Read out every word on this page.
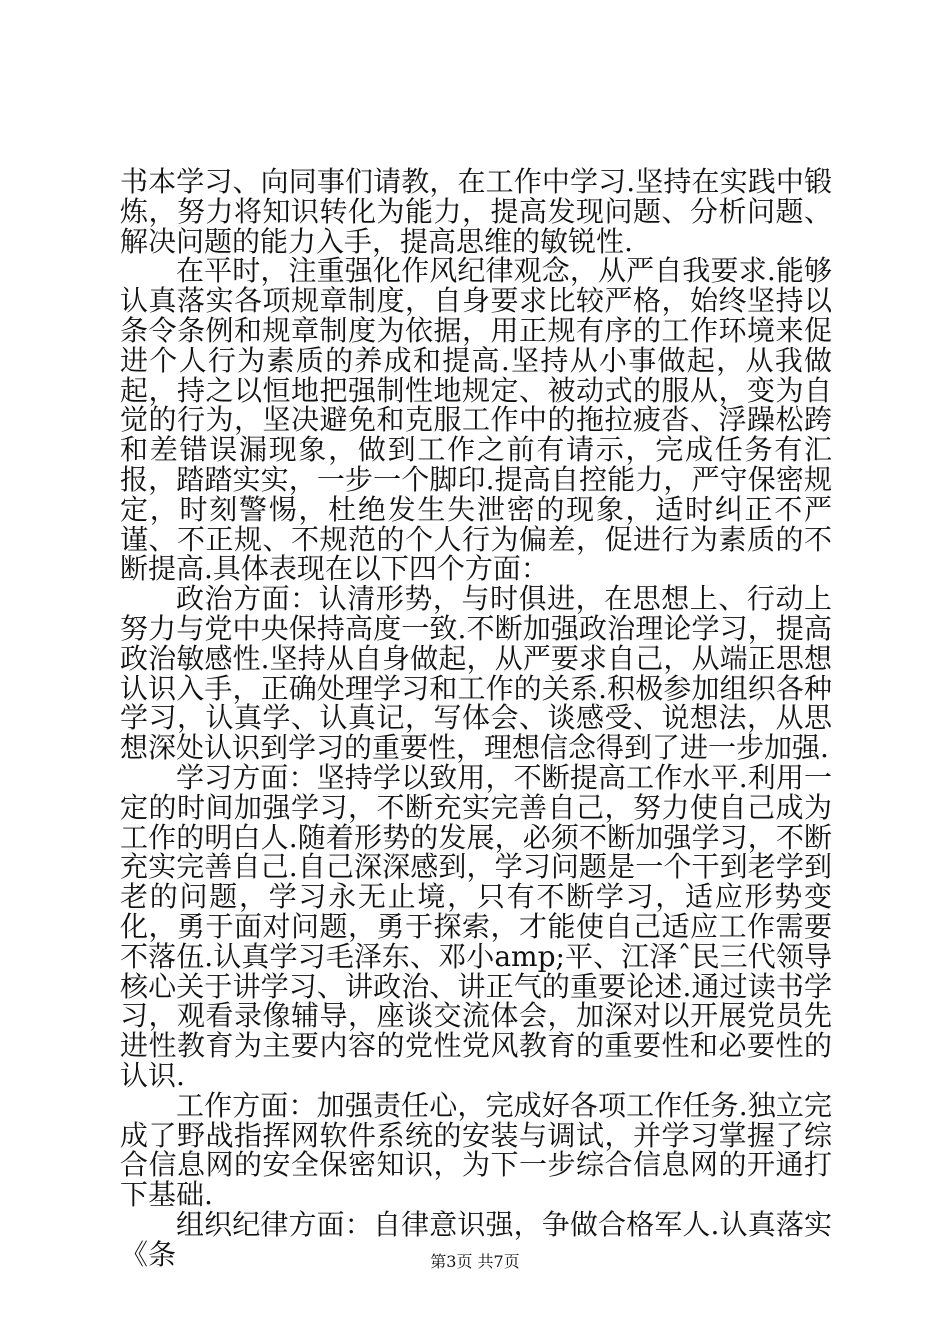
书本学习、向同事们请教，在工作中学习.坚持在实践中锻炼，努力将知识转化为能力，提高发现问题、分析问题、解决问题的能力入手，提高思维的敏锐性.

在平时，注重强化作风纪律观念，从严自我要求.能够认真落实各项规章制度，自身要求比较严格，始终坚持以条令条例和规章制度为依据，用正规有序的工作环境来促进个人行为素质的养成和提高.坚持从小事做起，从我做起，持之以恒地把强制性地规定、被动式的服从，变为自觉的行为，坚决避免和克服工作中的拖拉疲沓、浮躁松跨和差错误漏现象，做到工作之前有请示，完成任务有汇报，踏踏实实，一步一个脚印.提高自控能力，严守保密规定，时刻警惕，杜绝发生失泄密的现象，适时纠正不严谨、不正规、不规范的个人行为偏差，促进行为素质的不断提高.具体表现在以下四个方面：

政治方面：认清形势，与时俱进，在思想上、行动上努力与党中央保持高度一致.不断加强政治理论学习，提高政治敏感性.坚持从自身做起，从严要求自己，从端正思想认识入手，正确处理学习和工作的关系.积极参加组织各种学习，认真学、认真记，写体会、谈感受、说想法，从思想深处认识到学习的重要性，理想信念得到了进一步加强.

学习方面：坚持学以致用，不断提高工作水平.利用一定的时间加强学习，不断充实完善自己，努力使自己成为工作的明白人.随着形势的发展，必须不断加强学习，不断充实完善自己.自己深深感到，学习问题是一个干到老学到老的问题，学习永无止境，只有不断学习，适应形势变化，勇于面对问题，勇于探索，才能使自己适应工作需要不落伍.认真学习毛泽东、邓小amp;平、江泽ˆ民三代领导核心关于讲学习、讲政治、讲正气的重要论述.通过读书学习，观看录像辅导，座谈交流体会，加深对以开展党员先进性教育为主要内容的党性党风教育的重要性和必要性的认识.

工作方面：加强责任心，完成好各项工作任务.独立完成了野战指挥网软件系统的安装与调试，并学习掌握了综合信息网的安全保密知识，为下一步综合信息网的开通打下基础.

组织纪律方面：自律意识强，争做合格军人.认真落实《条	第3页 共7页
